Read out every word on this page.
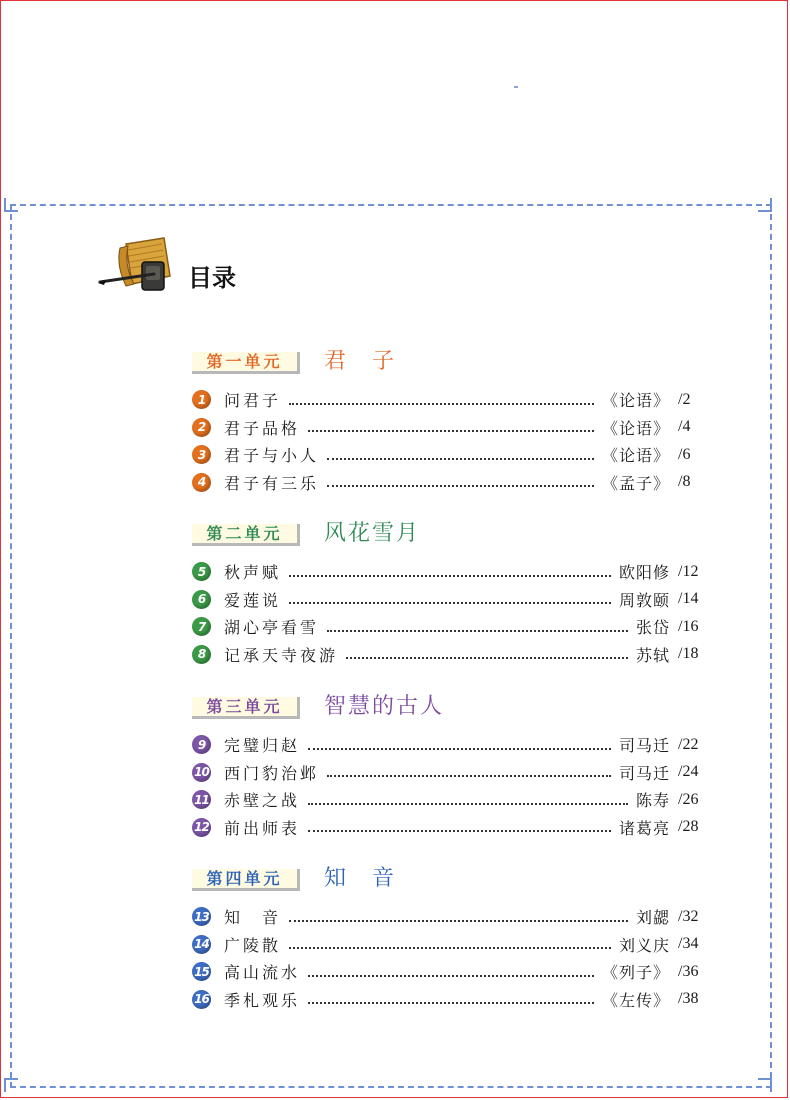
目录
第一单元	君　子
1	问君子	《论语》 /2
2	君子品格	《论语》 /4
3	君子与小人	《论语》 /6
4	君子有三乐	《孟子》 /8
第二单元	风花雪月
5	秋声赋	欧阳修 /12
6	爱莲说	周敦颐 /14
7	湖心亭看雪	张岱 /16
8	记承天寺夜游	苏轼 /18
第三单元	智慧的古人
9	完璧归赵	司马迁 /22
10 西门豹治邺	司马迁 /24
11 赤壁之战	陈寿 /26
12 前出师表	诸葛亮 /28
第四单元	知　音
13 知　音	刘勰 /32
14 广陵散	刘义庆 /34
15 高山流水	《列子》 /36
16 季札观乐	《左传》 /38
